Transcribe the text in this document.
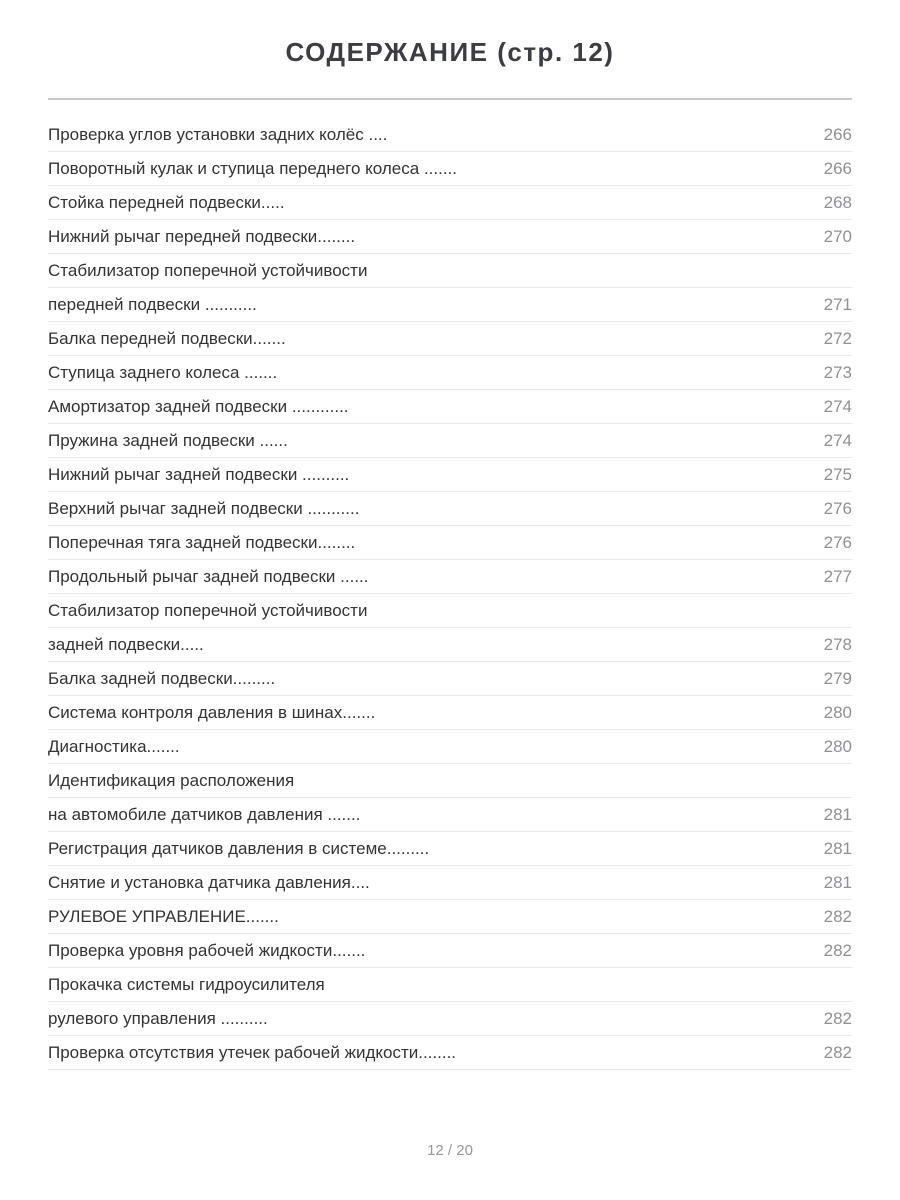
СОДЕРЖАНИЕ (стр. 12)
Проверка углов установки задних колёс ....	266
Поворотный кулак и ступица переднего колеса .......	266
Стойка передней подвески.....	268
Нижний рычаг передней подвески........	270
Стабилизатор поперечной устойчивости
передней подвески ...........	271
Балка передней подвески.......	272
Ступица заднего колеса .......	273
Амортизатор задней подвески ............	274
Пружина задней подвески ......	274
Нижний рычаг задней подвески ..........	275
Верхний рычаг задней подвески ...........	276
Поперечная тяга задней подвески........	276
Продольный рычаг задней подвески ......	277
Стабилизатор поперечной устойчивости
задней подвески.....	278
Балка задней подвески.........	279
Система контроля давления в шинах.......	280
Диагностика.......	280
Идентификация расположения
на автомобиле датчиков давления .......	281
Регистрация датчиков давления в системе.........	281
Снятие и установка датчика давления....	281
РУЛЕВОЕ УПРАВЛЕНИЕ.......	282
Проверка уровня рабочей жидкости.......	282
Прокачка системы гидроусилителя
рулевого управления ..........	282
Проверка отсутствия утечек рабочей жидкости........	282
12 / 20
